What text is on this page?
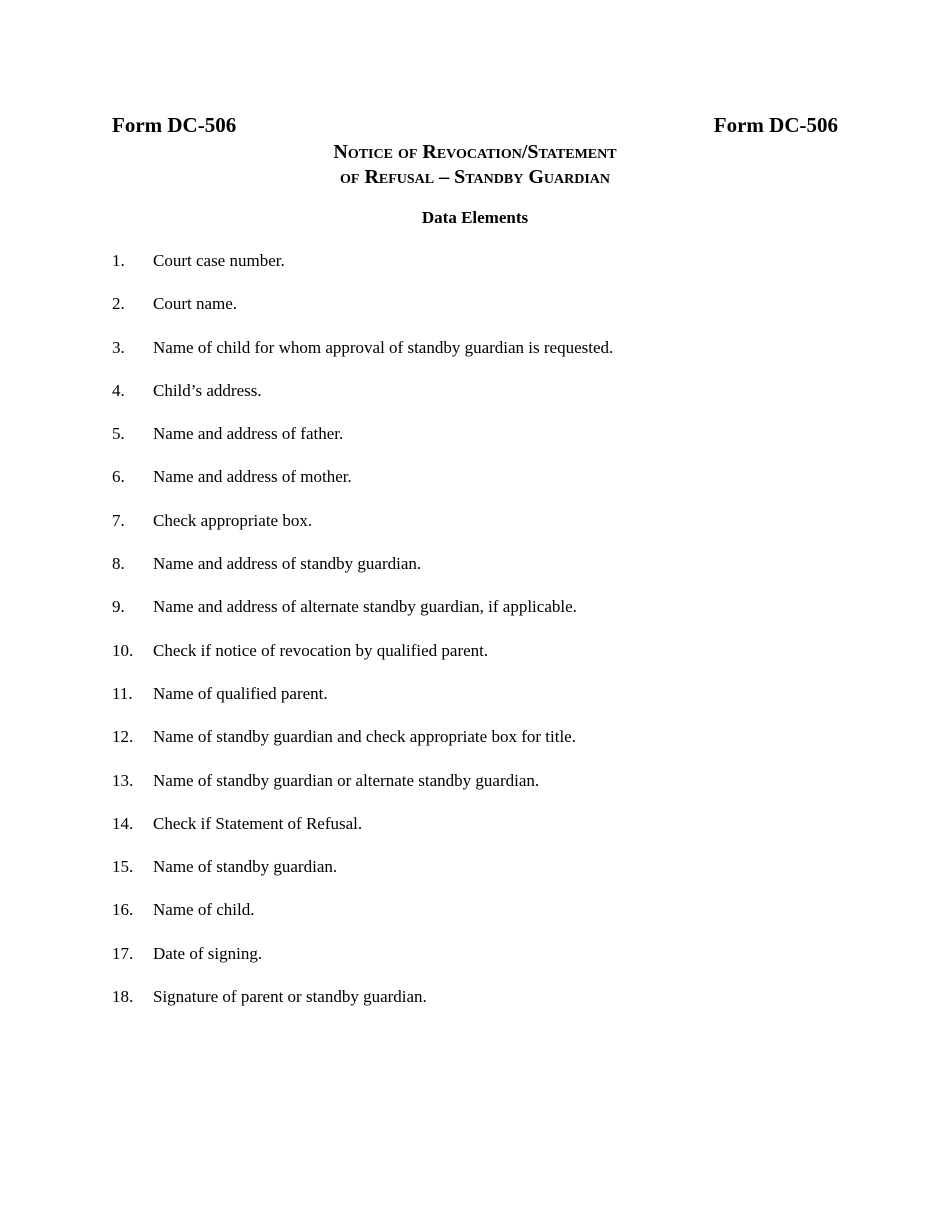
Form DC-506	Form DC-506
Notice of Revocation/Statement
of Refusal – Standby Guardian
Data Elements
1. Court case number.
2. Court name.
3. Name of child for whom approval of standby guardian is requested.
4. Child’s address.
5. Name and address of father.
6. Name and address of mother.
7. Check appropriate box.
8. Name and address of standby guardian.
9. Name and address of alternate standby guardian, if applicable.
10. Check if notice of revocation by qualified parent.
11. Name of qualified parent.
12. Name of standby guardian and check appropriate box for title.
13. Name of standby guardian or alternate standby guardian.
14. Check if Statement of Refusal.
15. Name of standby guardian.
16. Name of child.
17. Date of signing.
18. Signature of parent or standby guardian.
